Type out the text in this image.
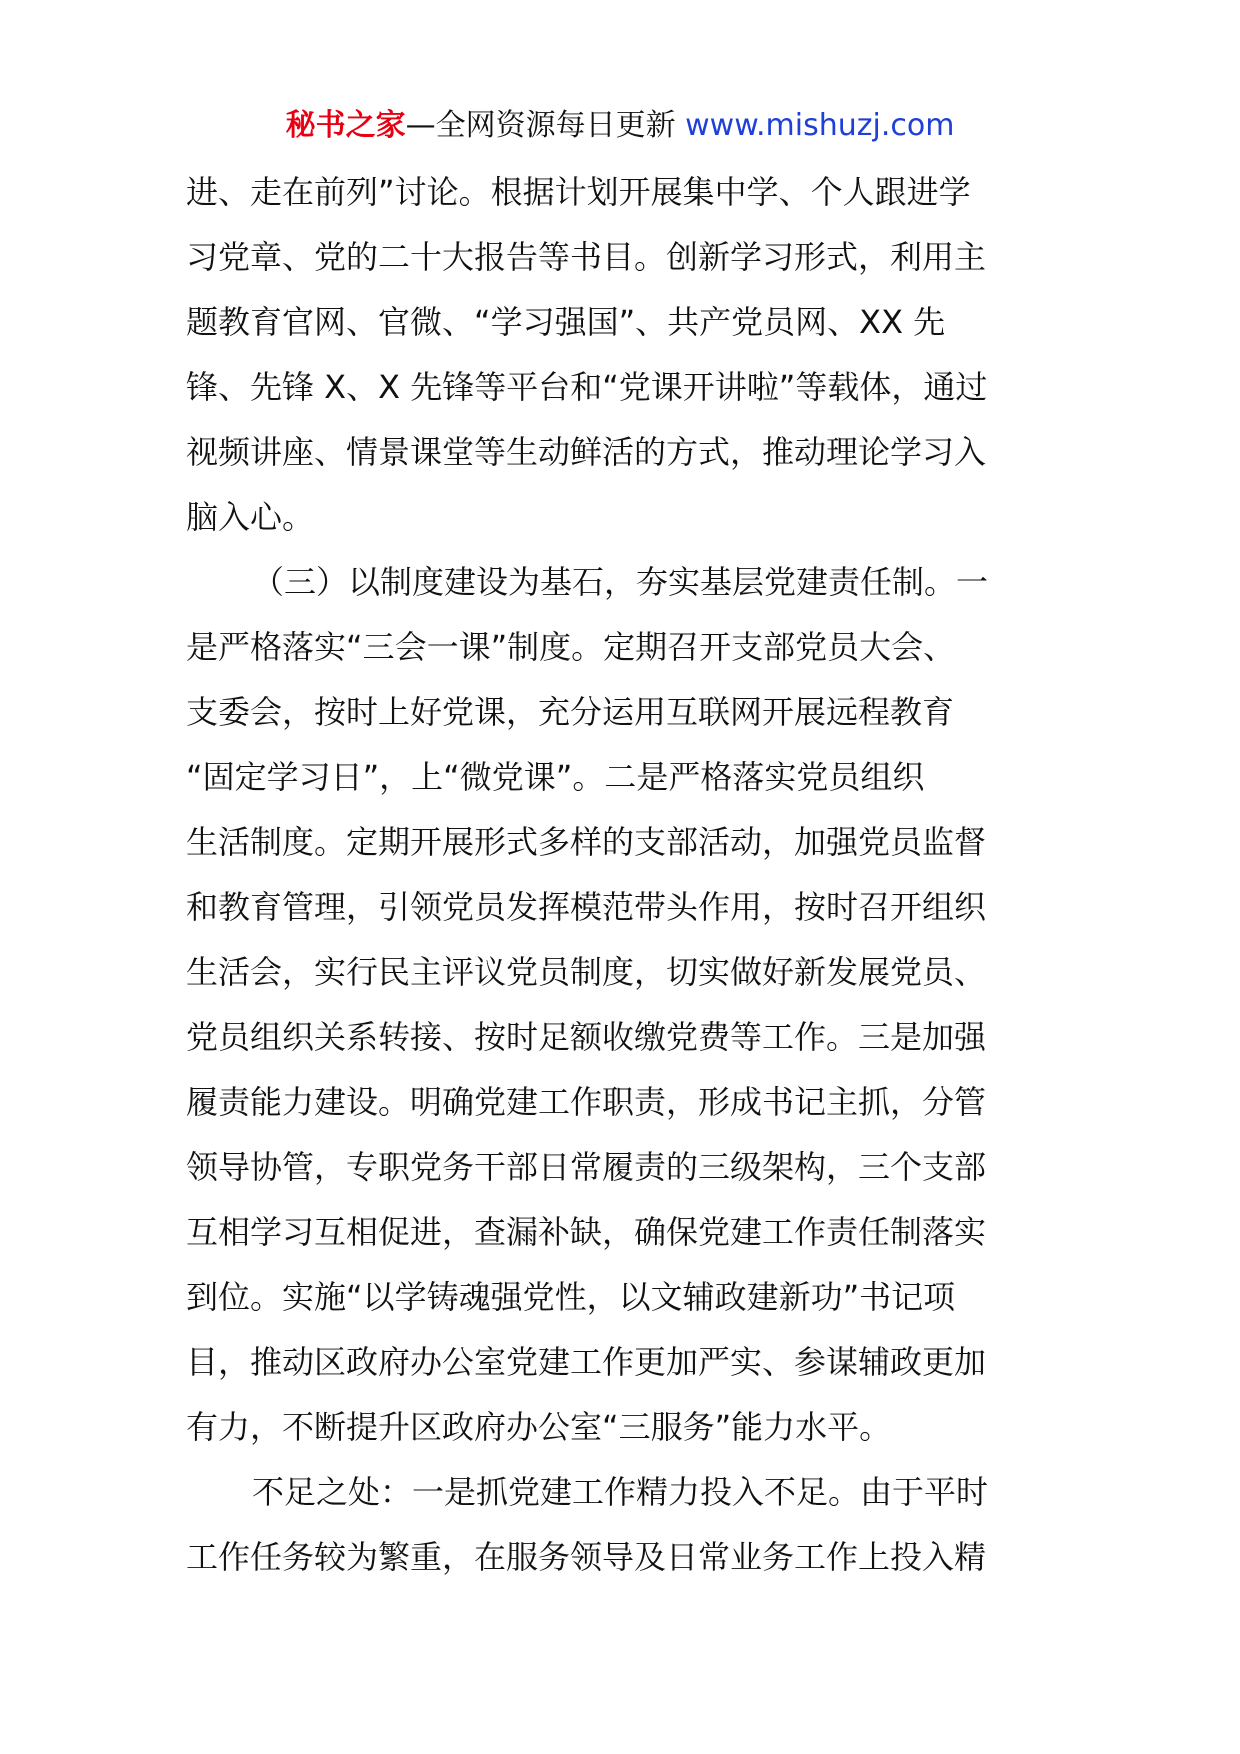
秘书之家—全网资源每日更新 www.mishuzj.com
进、走在前列”讨论。根据计划开展集中学、个人跟进学
习党章、党的二十大报告等书目。创新学习形式，利用主
题教育官网、官微、“学习强国”、共产党员网、XX 先
锋、先锋 X、X 先锋等平台和“党课开讲啦”等载体，通过
视频讲座、情景课堂等生动鲜活的方式，推动理论学习入
脑入心。
（三）以制度建设为基石，夯实基层党建责任制。一
是严格落实“三会一课”制度。定期召开支部党员大会、
支委会，按时上好党课，充分运用互联网开展远程教育
“固定学习日”，上“微党课”。二是严格落实党员组织
生活制度。定期开展形式多样的支部活动，加强党员监督
和教育管理，引领党员发挥模范带头作用，按时召开组织
生活会，实行民主评议党员制度，切实做好新发展党员、
党员组织关系转接、按时足额收缴党费等工作。三是加强
履责能力建设。明确党建工作职责，形成书记主抓，分管
领导协管，专职党务干部日常履责的三级架构，三个支部
互相学习互相促进，查漏补缺，确保党建工作责任制落实
到位。实施“以学铸魂强党性，以文辅政建新功”书记项
目，推动区政府办公室党建工作更加严实、参谋辅政更加
有力，不断提升区政府办公室“三服务”能力水平。
不足之处：一是抓党建工作精力投入不足。由于平时
工作任务较为繁重，在服务领导及日常业务工作上投入精
